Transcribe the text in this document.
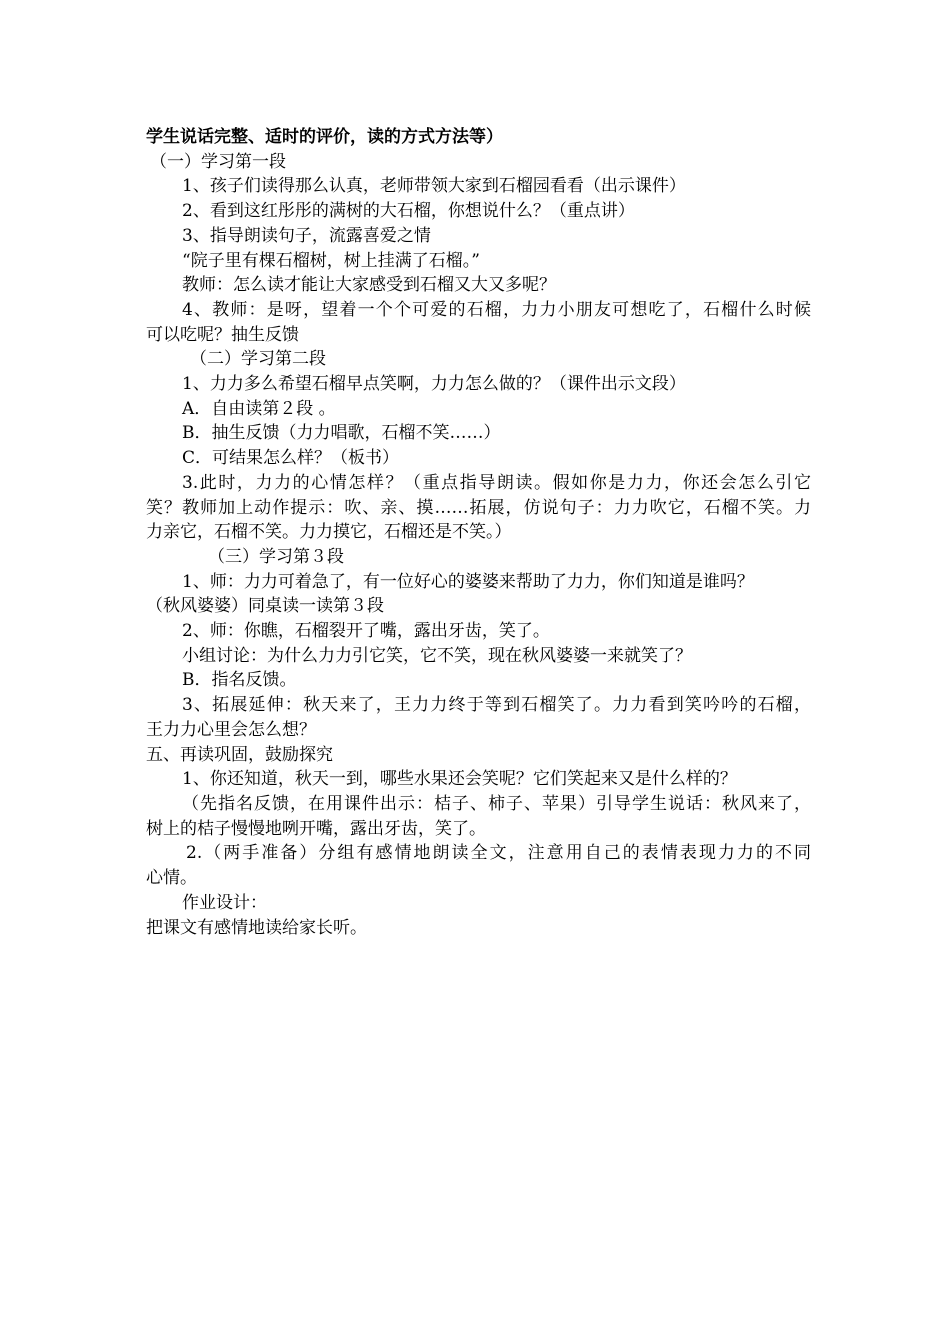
学生说话完整、适时的评价，读的方式方法等）
（一）学习第一段
1、孩子们读得那么认真，老师带领大家到石榴园看看（出示课件）
2、看到这红彤彤的满树的大石榴，你想说什么？（重点讲）
3、指导朗读句子，流露喜爱之情
“院子里有棵石榴树，树上挂满了石榴。”
教师：怎么读才能让大家感受到石榴又大又多呢？
4、教师：是呀，望着一个个可爱的石榴，力力小朋友可想吃了，石榴什么时候
可以吃呢？抽生反馈
（二）学习第二段
1、力力多么希望石榴早点笑啊，力力怎么做的？（课件出示文段）
A．自由读第２段 。
B．抽生反馈（力力唱歌，石榴不笑……）
C．可结果怎么样？（板书）
3.此时，力力的心情怎样？（重点指导朗读。假如你是力力，你还会怎么引它
笑？教师加上动作提示：吹、亲、摸……拓展，仿说句子：力力吹它，石榴不笑。力
力亲它，石榴不笑。力力摸它，石榴还是不笑。）
（三）学习第３段
1、师：力力可着急了，有一位好心的婆婆来帮助了力力，你们知道是谁吗？
（秋风婆婆）同桌读一读第３段
2、师：你瞧，石榴裂开了嘴，露出牙齿，笑了。
小组讨论：为什么力力引它笑，它不笑，现在秋风婆婆一来就笑了？
B．指名反馈。
3、拓展延伸：秋天来了，王力力终于等到石榴笑了。力力看到笑吟吟的石榴，
王力力心里会怎么想？
五、再读巩固，鼓励探究
1、你还知道，秋天一到，哪些水果还会笑呢？它们笑起来又是什么样的？
（先指名反馈，在用课件出示：桔子、柿子、苹果）引导学生说话：秋风来了，
树上的桔子慢慢地咧开嘴，露出牙齿，笑了。
2.（两手准备）分组有感情地朗读全文，注意用自己的表情表现力力的不同
心情。
作业设计：
把课文有感情地读给家长听。
